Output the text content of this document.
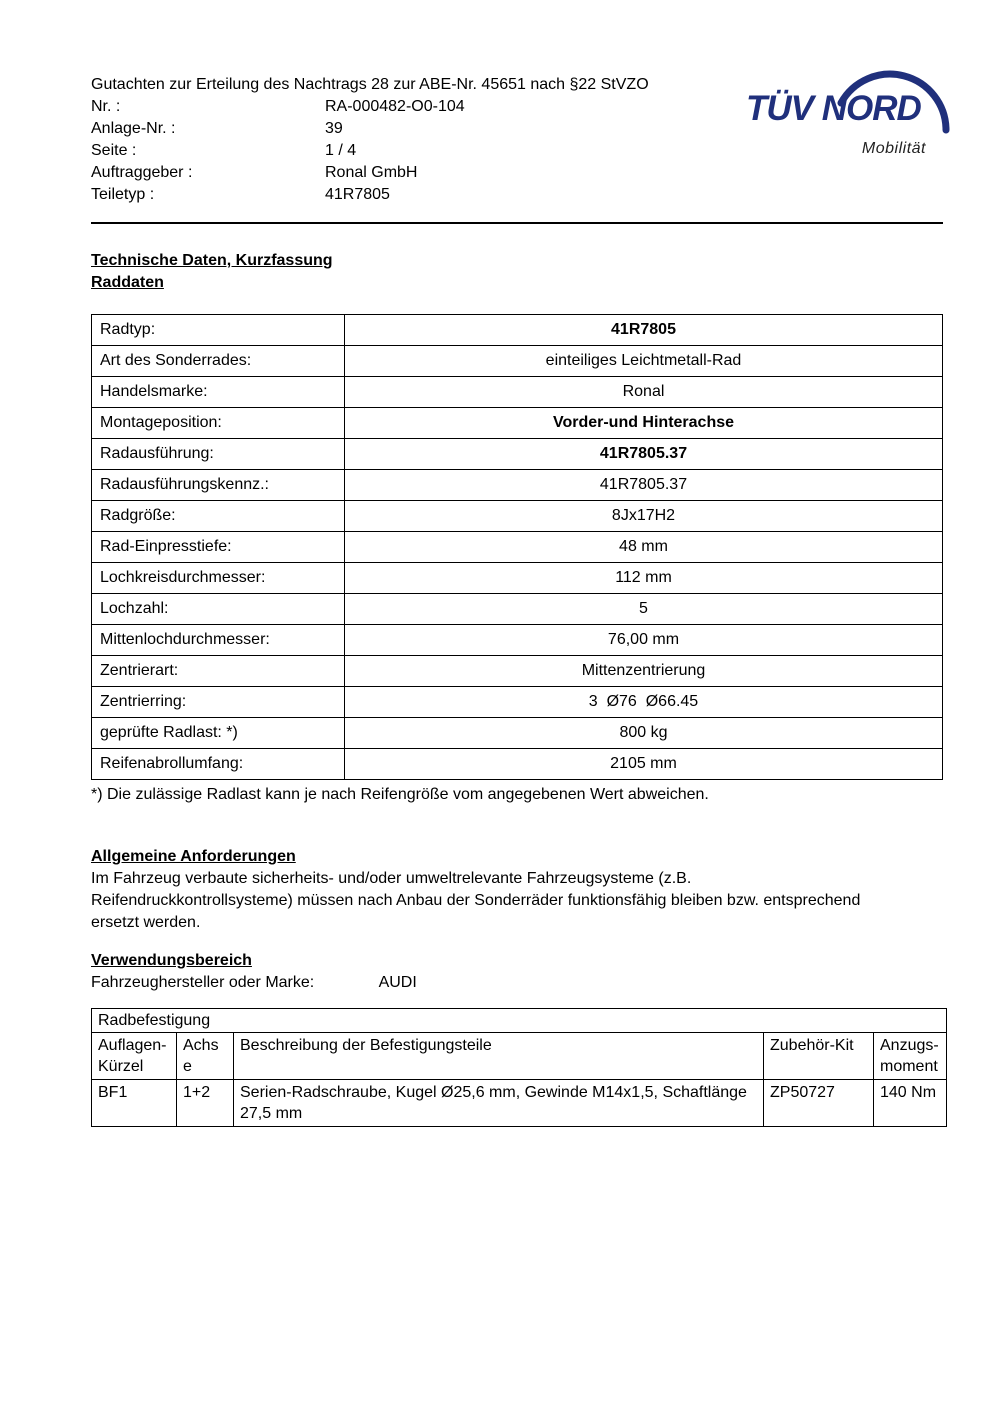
TÜV NORD
Mobilität
Gutachten zur Erteilung des Nachtrags 28 zur ABE-Nr. 45651 nach §22 StVZO
Nr. :	RA-000482-O0-104
Anlage-Nr. :	39
Seite :	1 / 4
Auftraggeber :	Ronal GmbH
Teiletyp :	41R7805
Technische Daten, Kurzfassung
Raddaten
Radtyp:	41R7805
Art des Sonderrades:	einteiliges Leichtmetall-Rad
Handelsmarke:	Ronal
Montageposition:	Vorder-und Hinterachse
Radausführung:	41R7805.37
Radausführungskennz.:	41R7805.37
Radgröße:	8Jx17H2
Rad-Einpresstiefe:	48 mm
Lochkreisdurchmesser:	112 mm
Lochzahl:	5
Mittenlochdurchmesser:	76,00 mm
Zentrierart:	Mittenzentrierung
Zentrierring:	3  Ø76  Ø66.45
geprüfte Radlast: *)	800 kg
Reifenabrollumfang:	2105 mm
*) Die zulässige Radlast kann je nach Reifengröße vom angegebenen Wert abweichen.
Allgemeine Anforderungen
Im Fahrzeug verbaute sicherheits- und/oder umweltrelevante Fahrzeugsysteme (z.B. Reifendruckkontrollsysteme) müssen nach Anbau der Sonderräder funktionsfähig bleiben bzw. entsprechend ersetzt werden.
Verwendungsbereich
Fahrzeughersteller oder Marke:	AUDI
Radbefestigung				
Auflagen-Kürzel	Achse	Beschreibung der Befestigungsteile	Zubehör-Kit	Anzugs-moment
BF1	1+2	Serien-Radschraube, Kugel Ø25,6 mm, Gewinde M14x1,5, Schaftlänge 27,5 mm	ZP50727	140 Nm
